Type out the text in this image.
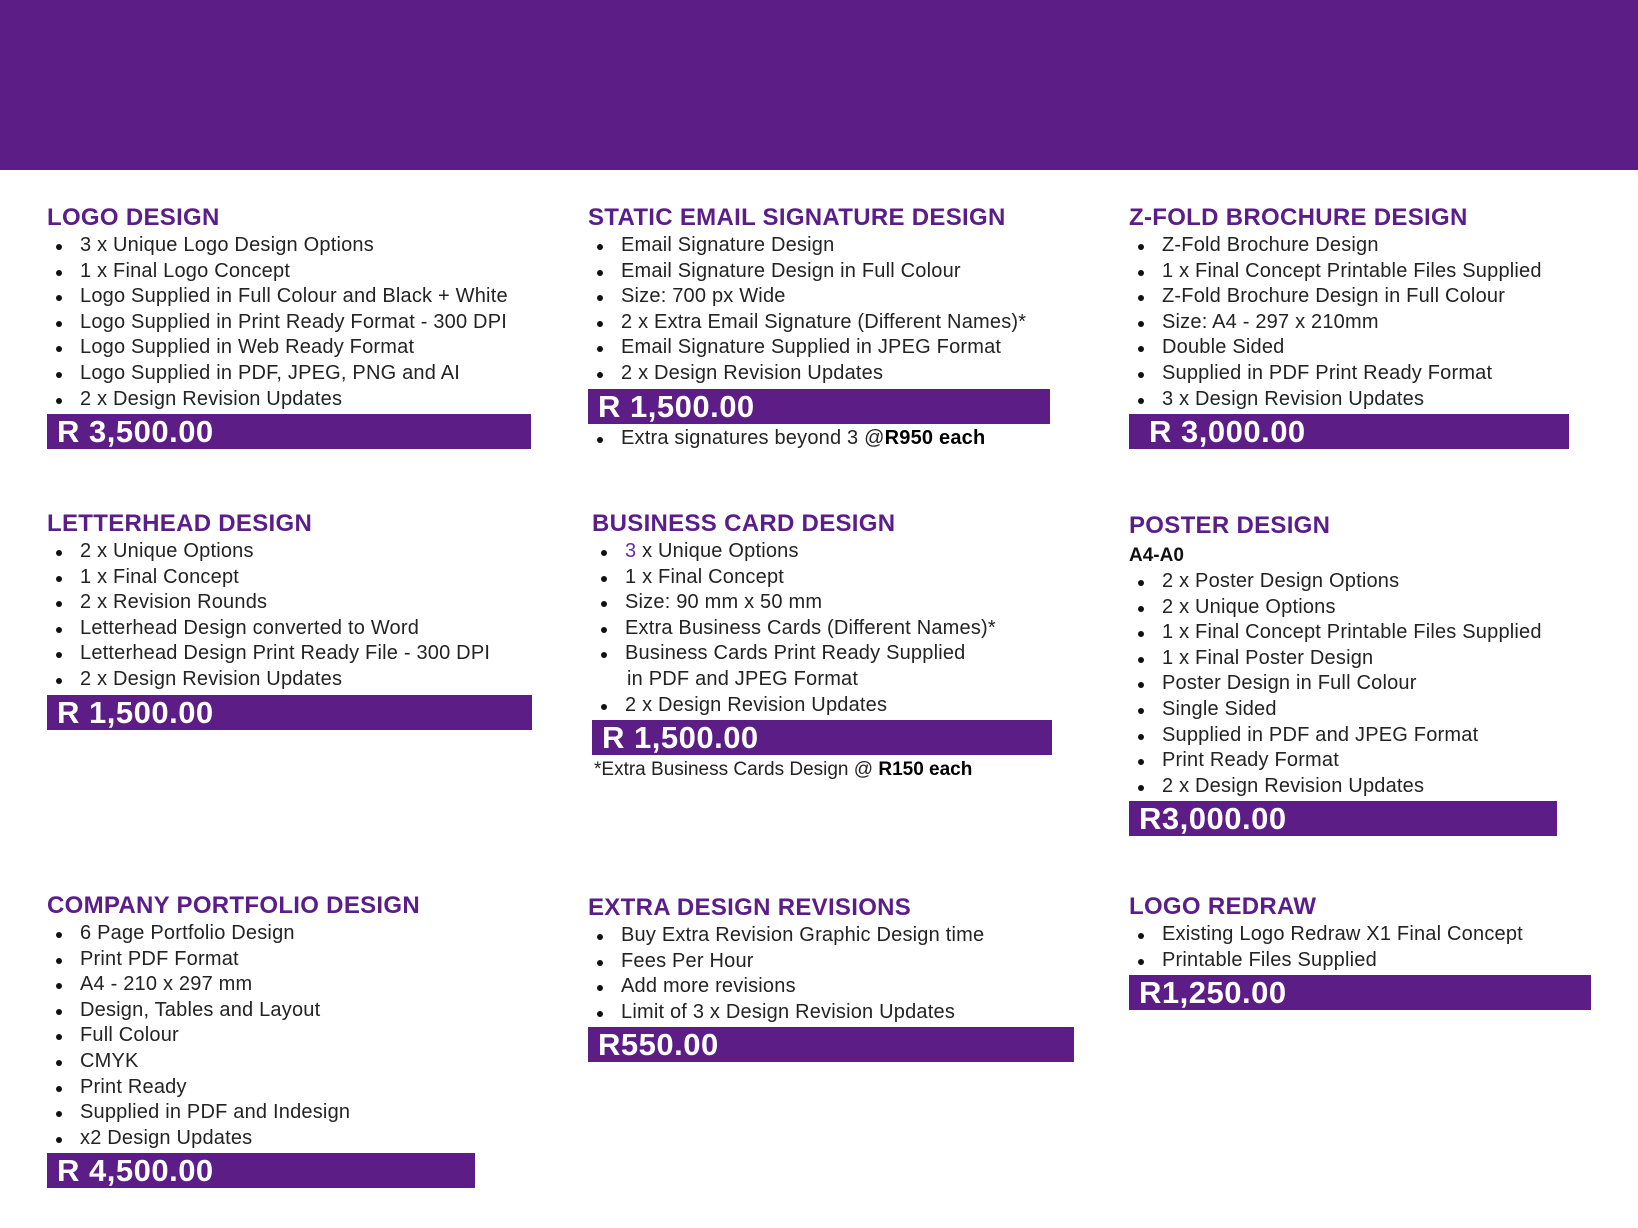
LOGO DESIGN
3 x Unique Logo Design Options
1 x Final Logo Concept
Logo Supplied in Full Colour and Black + White
Logo Supplied in Print Ready Format - 300 DPI
Logo Supplied in Web Ready Format
Logo Supplied in PDF, JPEG, PNG and AI
2 x Design Revision Updates
R 3,500.00
STATIC EMAIL SIGNATURE DESIGN
Email Signature Design
Email Signature Design in Full Colour
Size: 700 px Wide
2 x Extra Email Signature (Different Names)*
Email Signature Supplied in JPEG Format
2 x Design Revision Updates
R 1,500.00
Extra signatures beyond 3 @R950 each
Z-FOLD BROCHURE DESIGN
Z-Fold Brochure Design
1 x Final Concept Printable Files Supplied
Z-Fold Brochure Design in Full Colour
Size: A4 - 297 x 210mm
Double Sided
Supplied in PDF Print Ready Format
3 x Design Revision Updates
R 3,000.00
LETTERHEAD DESIGN
2 x Unique Options
1 x Final Concept
2 x Revision Rounds
Letterhead Design converted to Word
Letterhead Design Print Ready File - 300 DPI
2 x Design Revision Updates
R 1,500.00
BUSINESS CARD DESIGN
3 x Unique Options
1 x Final Concept
Size: 90 mm x 50 mm
Extra Business Cards (Different Names)*
Business Cards Print Ready Supplied
in PDF and JPEG Format
2 x Design Revision Updates
R 1,500.00
*Extra Business Cards Design @ R150 each
POSTER DESIGN
A4-A0
2 x Poster Design Options
2 x Unique Options
1 x Final Concept Printable Files Supplied
1 x Final Poster Design
Poster Design in Full Colour
Single Sided
Supplied in PDF and JPEG Format
Print Ready Format
2 x Design Revision Updates
R3,000.00
COMPANY PORTFOLIO DESIGN
6 Page Portfolio Design
Print PDF Format
A4 - 210 x 297 mm
Design, Tables and Layout
Full Colour
CMYK
Print Ready
Supplied in PDF and Indesign
x2 Design Updates
R 4,500.00
EXTRA DESIGN REVISIONS
Buy Extra Revision Graphic Design time
Fees Per Hour
Add more revisions
Limit of 3 x Design Revision Updates
R550.00
LOGO REDRAW
Existing Logo Redraw X1 Final Concept
Printable Files Supplied
R1,250.00
